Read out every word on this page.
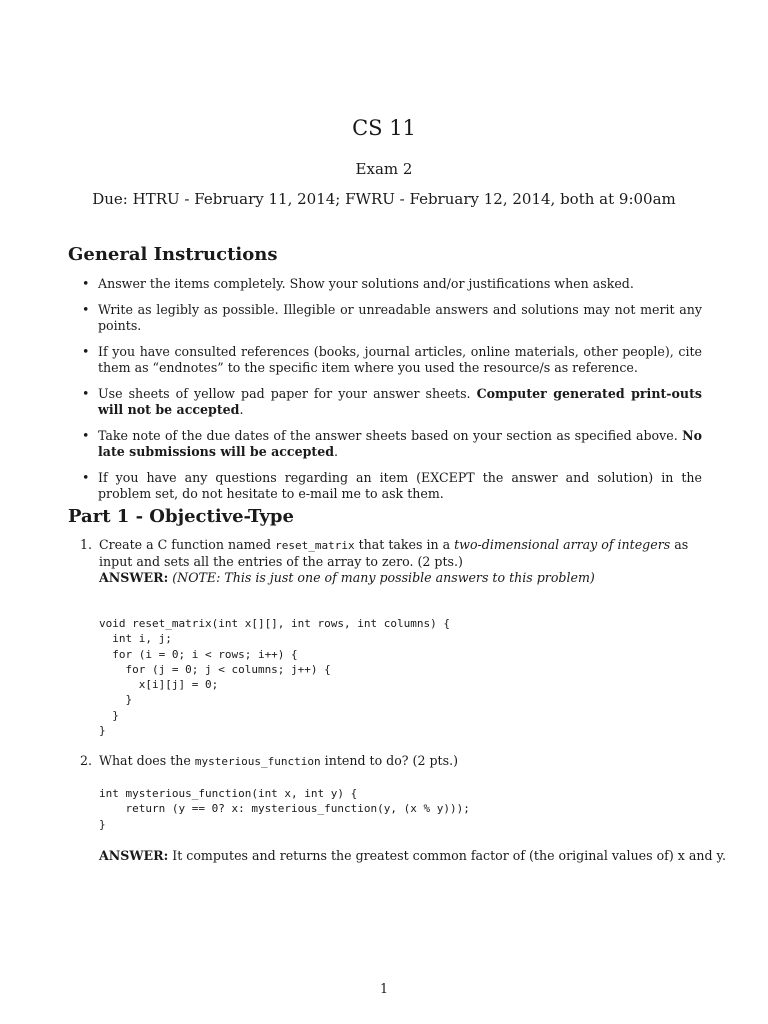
CS 11
Exam 2
Due: HTRU - February 11, 2014; FWRU - February 12, 2014, both at 9:00am
General Instructions
• Answer the items completely. Show your solutions and/or justifications when asked.
• Write as legibly as possible. Illegible or unreadable answers and solutions may not merit any points.
• If you have consulted references (books, journal articles, online materials, other people), cite them as “endnotes” to the specific item where you used the resource/s as reference.
• Use sheets of yellow pad paper for your answer sheets. Computer generated print-outs will not be accepted.
• Take note of the due dates of the answer sheets based on your section as specified above. No late submissions will be accepted.
• If you have any questions regarding an item (EXCEPT the answer and solution) in the problem set, do not hesitate to e-mail me to ask them.
Part 1 - Objective-Type
1. Create a C function named reset_matrix that takes in a two-dimensional array of integers as input and sets all the entries of the array to zero. (2 pts.)
ANSWER: (NOTE: This is just one of many possible answers to this problem)
void reset_matrix(int x[][], int rows, int columns) {
int i, j;
for (i = 0; i < rows; i++) {
for (j = 0; j < columns; j++) {
x[i][j] = 0;
}
}
}
2. What does the mysterious_function intend to do? (2 pts.)
int mysterious_function(int x, int y) {
return (y == 0? x: mysterious_function(y, (x % y)));
}
ANSWER: It computes and returns the greatest common factor of (the original values of) x and y.
1
